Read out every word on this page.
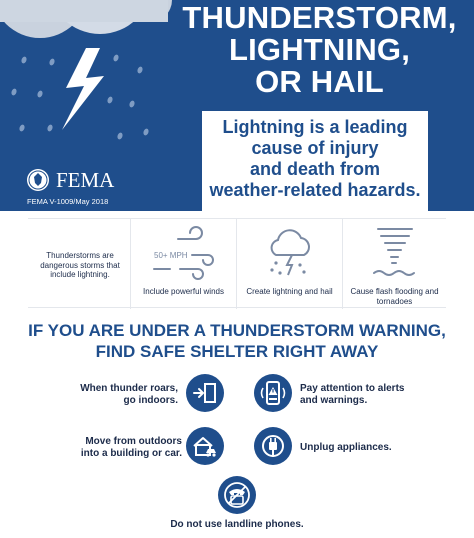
THUNDERSTORM,
LIGHTNING,
OR HAIL
FEMA
FEMA V-1009/May 2018
Lightning is a leading
cause of injury
and death from
weather-related hazards.
Thunderstorms are dangerous storms that include lightning.
50+ MPH
Include powerful winds	Create lightning and hail	Cause flash flooding and tornadoes
IF YOU ARE UNDER A THUNDERSTORM WARNING,
FIND SAFE SHELTER RIGHT AWAY
When thunder roars, go indoors.
Pay attention to alerts and warnings.
Move from outdoors into a building or car.
Unplug appliances.
Do not use landline phones.
